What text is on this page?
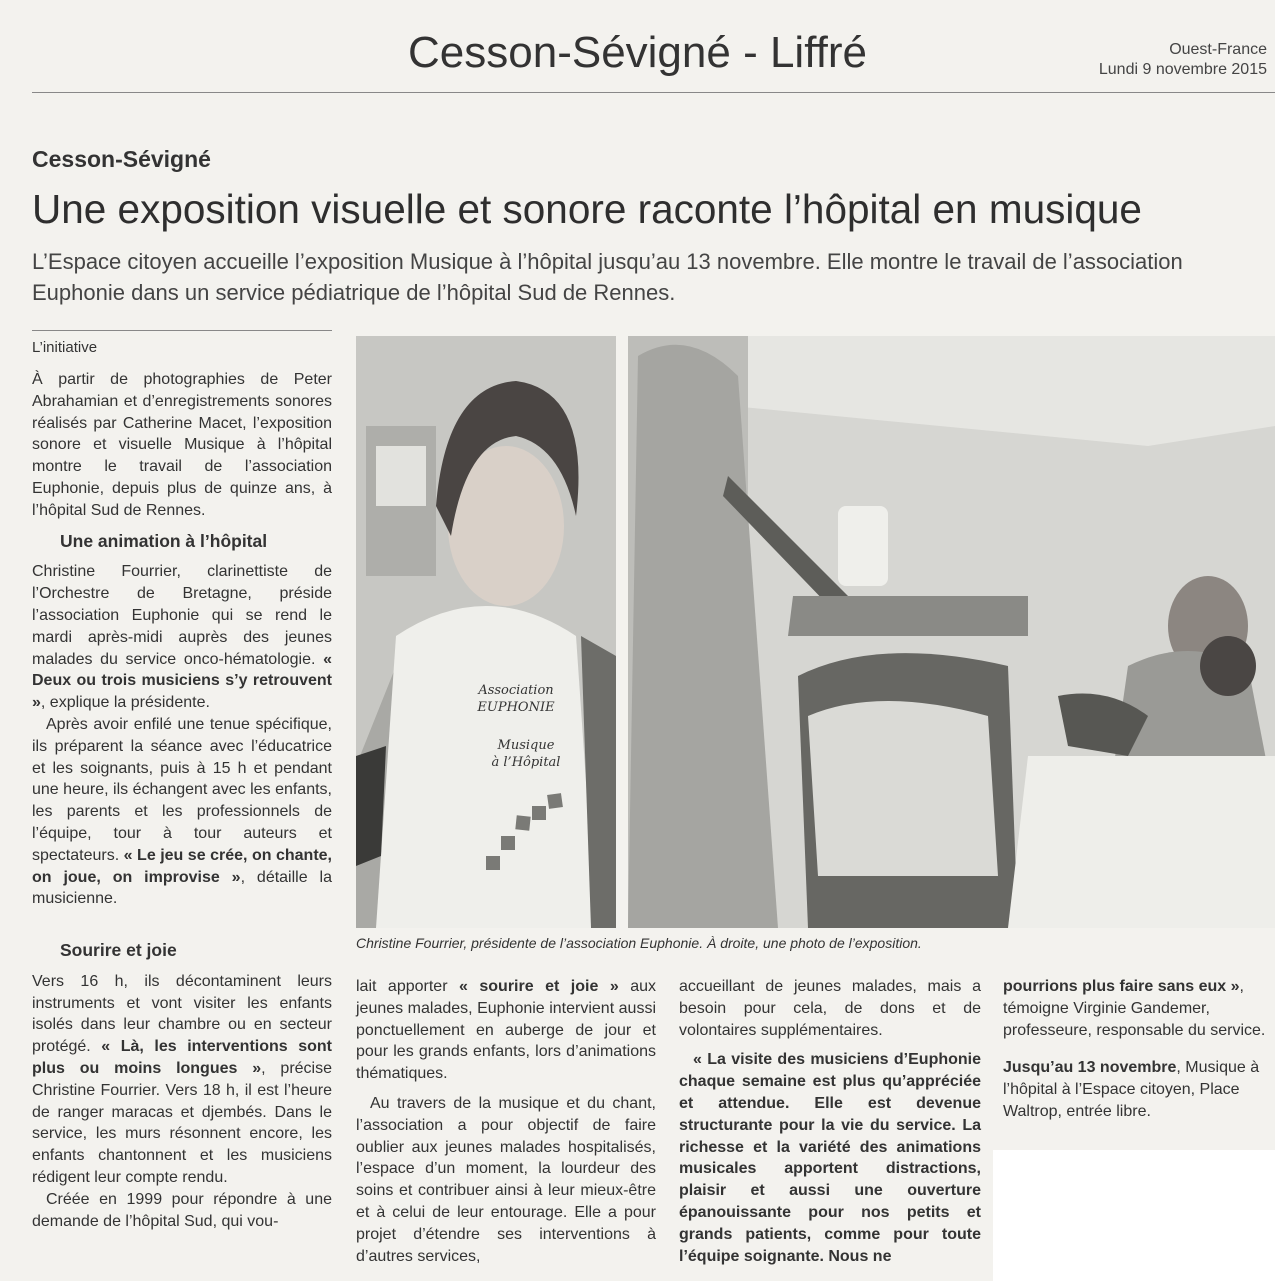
Cesson-Sévigné - Liffré	Ouest-France
Lundi 9 novembre 2015
Cesson-Sévigné
Une exposition visuelle et sonore raconte l’hôpital en musique
L’Espace citoyen accueille l’exposition Musique à l’hôpital jusqu’au 13 novembre. Elle montre le travail de l’association Euphonie dans un service pédiatrique de l’hôpital Sud de Rennes.
L’initiative

À partir de photographies de Peter Abrahamian et d’enregistrements sonores réalisés par Catherine Macet, l’exposition sonore et visuelle Musique à l’hôpital montre le travail de l’association Euphonie, depuis plus de quinze ans, à l’hôpital Sud de Rennes.

Une animation à l’hôpital

Christine Fourrier, clarinettiste de l’Orchestre de Bretagne, préside l’association Euphonie qui se rend le mardi après-midi auprès des jeunes malades du service onco-hématologie. « Deux ou trois musiciens s’y retrouvent », explique la présidente.

Après avoir enfilé une tenue spécifique, ils préparent la séance avec l’éducatrice et les soignants, puis à 15 h et pendant une heure, ils échangent avec les enfants, les parents et les professionnels de l’équipe, tour à tour auteurs et spectateurs. « Le jeu se crée, on chante, on joue, on improvise », détaille la musicienne.

Association
EUPHONIE
Musique
à l’Hôpital
Christine Fourrier, présidente de l’association Euphonie. À droite, une photo de l’exposition.

Sourire et joie

Vers 16 h, ils décontaminent leurs instruments et vont visiter les enfants isolés dans leur chambre ou en secteur protégé. « Là, les interventions sont plus ou moins longues », précise Christine Fourrier. Vers 18 h, il est l’heure de ranger maracas et djembés. Dans le service, les murs résonnent encore, les enfants chantonnent et les musiciens rédigent leur compte rendu.

Créée en 1999 pour répondre à une demande de l’hôpital Sud, qui vou-

lait apporter « sourire et joie » aux jeunes malades, Euphonie intervient aussi ponctuellement en auberge de jour et pour les grands enfants, lors d’animations thématiques.

Au travers de la musique et du chant, l’association a pour objectif de faire oublier aux jeunes malades hospitalisés, l’espace d’un moment, la lourdeur des soins et contribuer ainsi à leur mieux-être et à celui de leur entourage. Elle a pour projet d’étendre ses interventions à d’autres services,

accueillant de jeunes malades, mais a besoin pour cela, de dons et de volontaires supplémentaires.

« La visite des musiciens d’Euphonie chaque semaine est plus qu’appréciée et attendue. Elle est devenue structurante pour la vie du service. La richesse et la variété des animations musicales apportent distractions, plaisir et aussi une ouverture épanouissante pour nos petits et grands patients, comme pour toute l’équipe soignante. Nous ne

pourrions plus faire sans eux », témoigne Virginie Gandemer, professeure, responsable du service.

Jusqu’au 13 novembre, Musique à l’hôpital à l’Espace citoyen, Place Waltrop, entrée libre.
